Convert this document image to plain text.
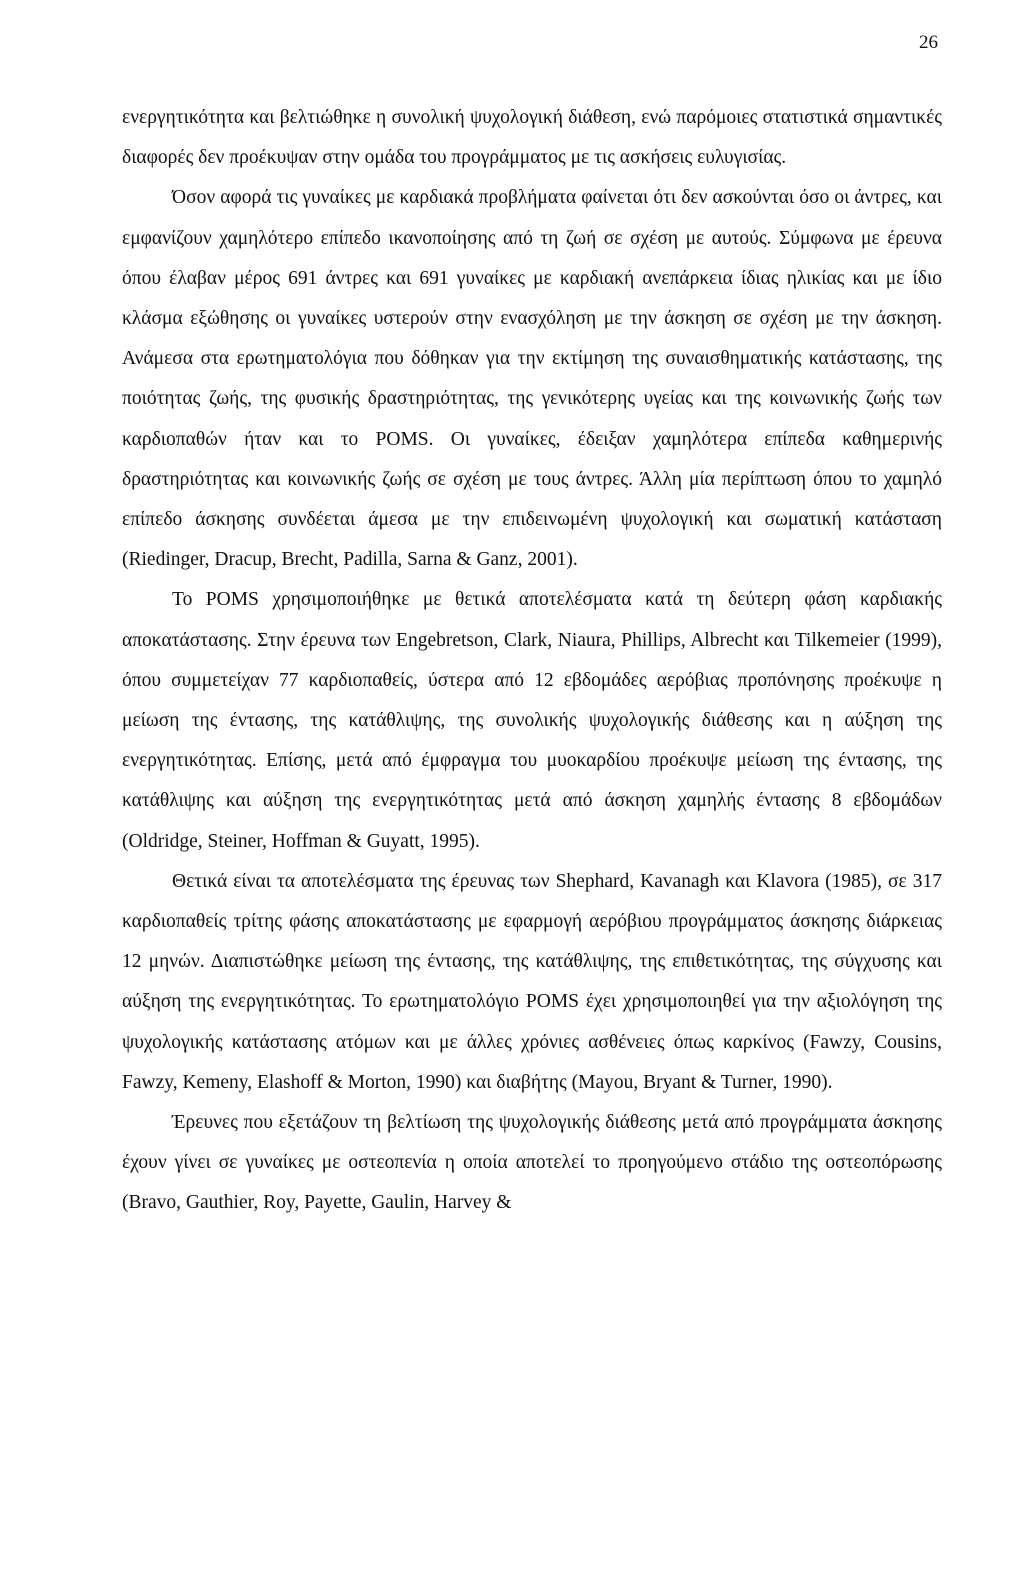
26

ενεργητικότητα και βελτιώθηκε η συνολική ψυχολογική διάθεση, ενώ παρόμοιες στατιστικά σημαντικές διαφορές δεν προέκυψαν στην ομάδα του προγράμματος με τις ασκήσεις ευλυγισίας.

Όσον αφορά τις γυναίκες με καρδιακά προβλήματα φαίνεται ότι δεν ασκούνται όσο οι άντρες, και εμφανίζουν χαμηλότερο επίπεδο ικανοποίησης από τη ζωή σε σχέση με αυτούς. Σύμφωνα με έρευνα όπου έλαβαν μέρος 691 άντρες και 691 γυναίκες με καρδιακή ανεπάρκεια ίδιας ηλικίας και με ίδιο κλάσμα εξώθησης οι γυναίκες υστερούν στην ενασχόληση με την άσκηση σε σχέση με την άσκηση. Ανάμεσα στα ερωτηματολόγια που δόθηκαν για την εκτίμηση της συναισθηματικής κατάστασης, της ποιότητας ζωής, της φυσικής δραστηριότητας, της γενικότερης υγείας και της κοινωνικής ζωής των καρδιοπαθών ήταν και το POMS. Οι γυναίκες, έδειξαν χαμηλότερα επίπεδα καθημερινής δραστηριότητας και κοινωνικής ζωής σε σχέση με τους άντρες. Άλλη μία περίπτωση όπου το χαμηλό επίπεδο άσκησης συνδέεται άμεσα με την επιδεινωμένη ψυχολογική και σωματική κατάσταση (Riedinger, Dracup, Brecht, Padilla, Sarna & Ganz, 2001).

Το POMS χρησιμοποιήθηκε με θετικά αποτελέσματα κατά τη δεύτερη φάση καρδιακής αποκατάστασης. Στην έρευνα των Engebretson, Clark, Niaura, Phillips, Albrecht και Tilkemeier (1999), όπου συμμετείχαν 77 καρδιοπαθείς, ύστερα από 12 εβδομάδες αερόβιας προπόνησης προέκυψε η μείωση της έντασης, της κατάθλιψης, της συνολικής ψυχολογικής διάθεσης και η αύξηση της ενεργητικότητας. Επίσης, μετά από έμφραγμα του μυοκαρδίου προέκυψε μείωση της έντασης, της κατάθλιψης και αύξηση της ενεργητικότητας μετά από άσκηση χαμηλής έντασης 8 εβδομάδων (Oldridge, Steiner, Hoffman & Guyatt, 1995).

Θετικά είναι τα αποτελέσματα της έρευνας των Shephard, Kavanagh και Klavora (1985), σε 317 καρδιοπαθείς τρίτης φάσης αποκατάστασης με εφαρμογή αερόβιου προγράμματος άσκησης διάρκειας 12 μηνών. Διαπιστώθηκε μείωση της έντασης, της κατάθλιψης, της επιθετικότητας, της σύγχυσης και αύξηση της ενεργητικότητας. Το ερωτηματολόγιο POMS έχει χρησιμοποιηθεί για την αξιολόγηση της ψυχολογικής κατάστασης ατόμων και με άλλες χρόνιες ασθένειες όπως καρκίνος (Fawzy, Cousins, Fawzy, Kemeny, Elashoff & Morton, 1990) και διαβήτης (Mayou, Bryant & Turner, 1990).

Έρευνες που εξετάζουν τη βελτίωση της ψυχολογικής διάθεσης μετά από προγράμματα άσκησης έχουν γίνει σε γυναίκες με οστεοπενία η οποία αποτελεί το προηγούμενο στάδιο της οστεοπόρωσης (Bravo, Gauthier, Roy, Payette, Gaulin, Harvey &
